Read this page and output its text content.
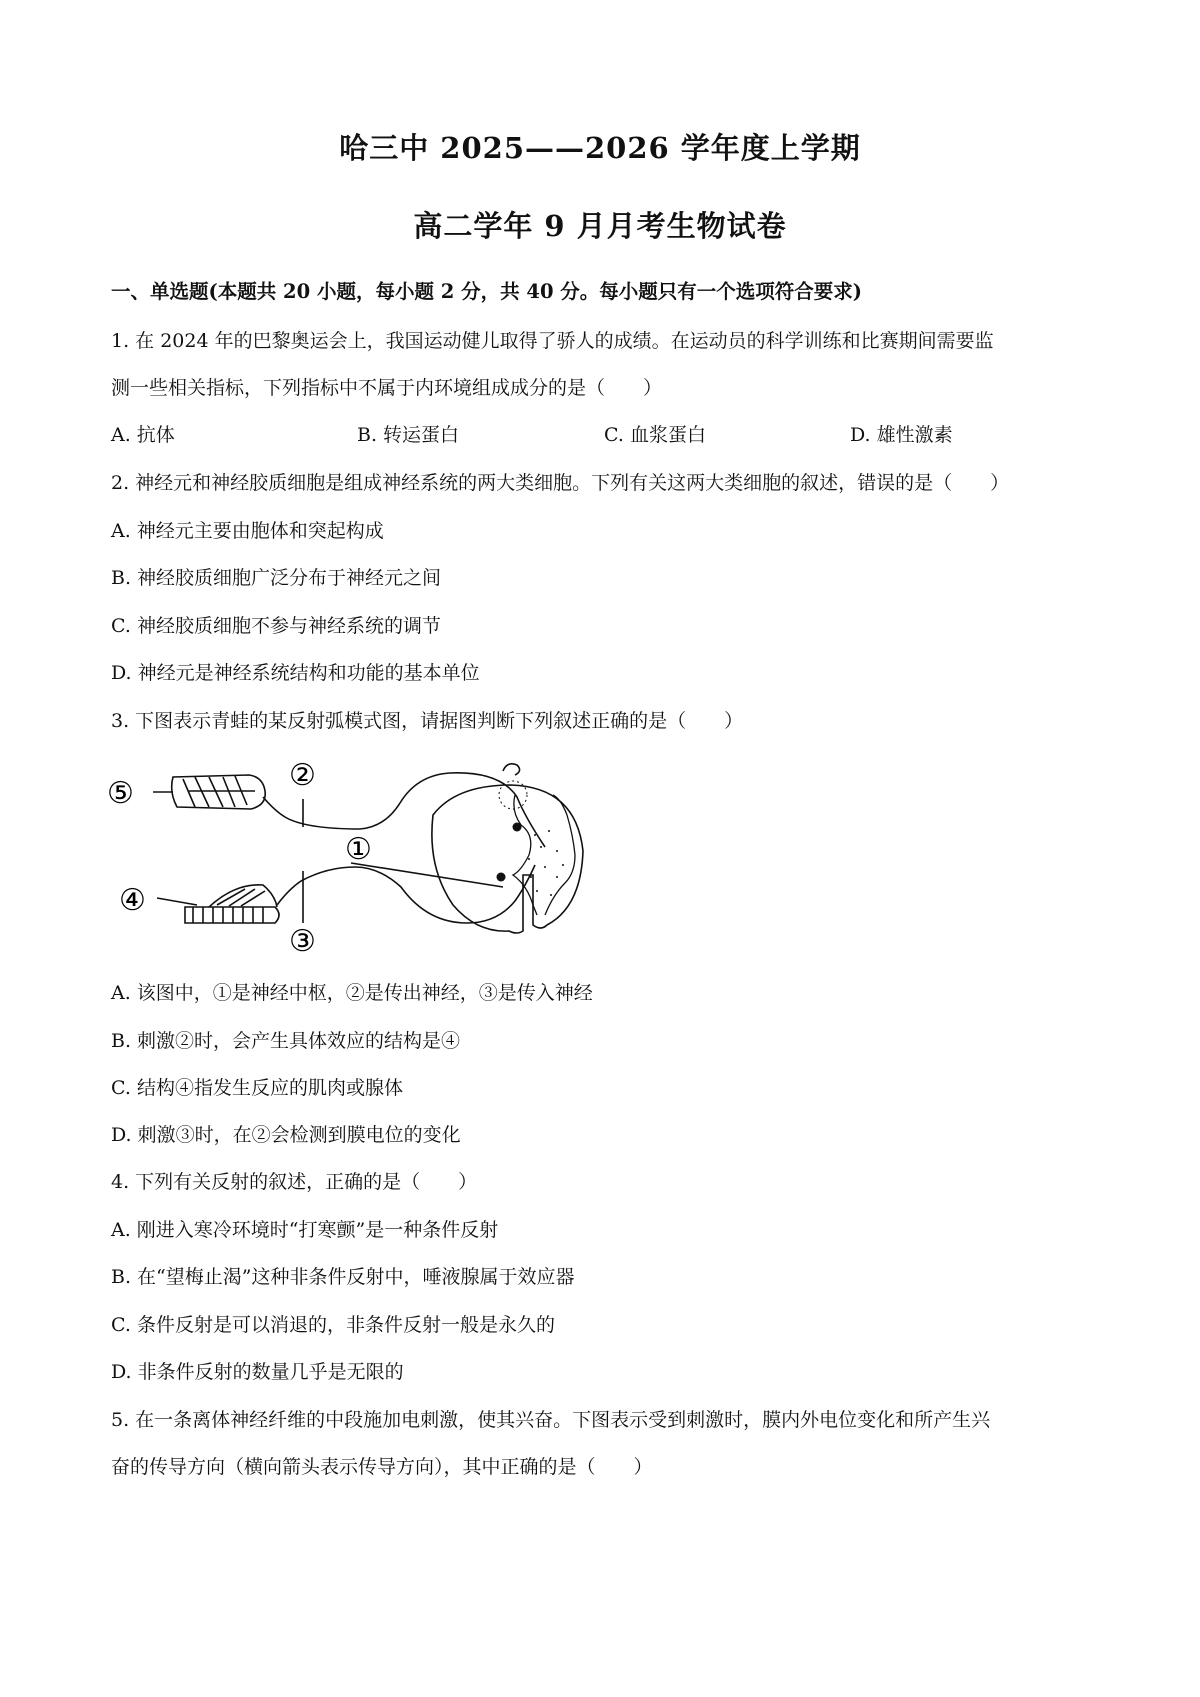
哈三中 2025——2026 学年度上学期
高二学年 9 月月考生物试卷
一、单选题(本题共 20 小题，每小题 2 分，共 40 分。每小题只有一个选项符合要求)
1. 在 2024 年的巴黎奥运会上，我国运动健儿取得了骄人的成绩。在运动员的科学训练和比赛期间需要监
测一些相关指标，下列指标中不属于内环境组成成分的是（　　）
A. 抗体	B. 转运蛋白	C. 血浆蛋白	D. 雄性激素
2. 神经元和神经胶质细胞是组成神经系统的两大类细胞。下列有关这两大类细胞的叙述，错误的是（　　）
A. 神经元主要由胞体和突起构成
B. 神经胶质细胞广泛分布于神经元之间
C. 神经胶质细胞不参与神经系统的调节
D. 神经元是神经系统结构和功能的基本单位
3. 下图表示青蛙的某反射弧模式图，请据图判断下列叙述正确的是（　　）
⑤
②
①
④
③
A. 该图中，①是神经中枢，②是传出神经，③是传入神经
B. 刺激②时，会产生具体效应的结构是④
C. 结构④指发生反应的肌肉或腺体
D. 刺激③时，在②会检测到膜电位的变化
4. 下列有关反射的叙述，正确的是（　　）
A. 刚进入寒冷环境时“打寒颤”是一种条件反射
B. 在“望梅止渴”这种非条件反射中，唾液腺属于效应器
C. 条件反射是可以消退的，非条件反射一般是永久的
D. 非条件反射的数量几乎是无限的
5. 在一条离体神经纤维的中段施加电刺激，使其兴奋。下图表示受到刺激时，膜内外电位变化和所产生兴
奋的传导方向（横向箭头表示传导方向），其中正确的是（　　）
